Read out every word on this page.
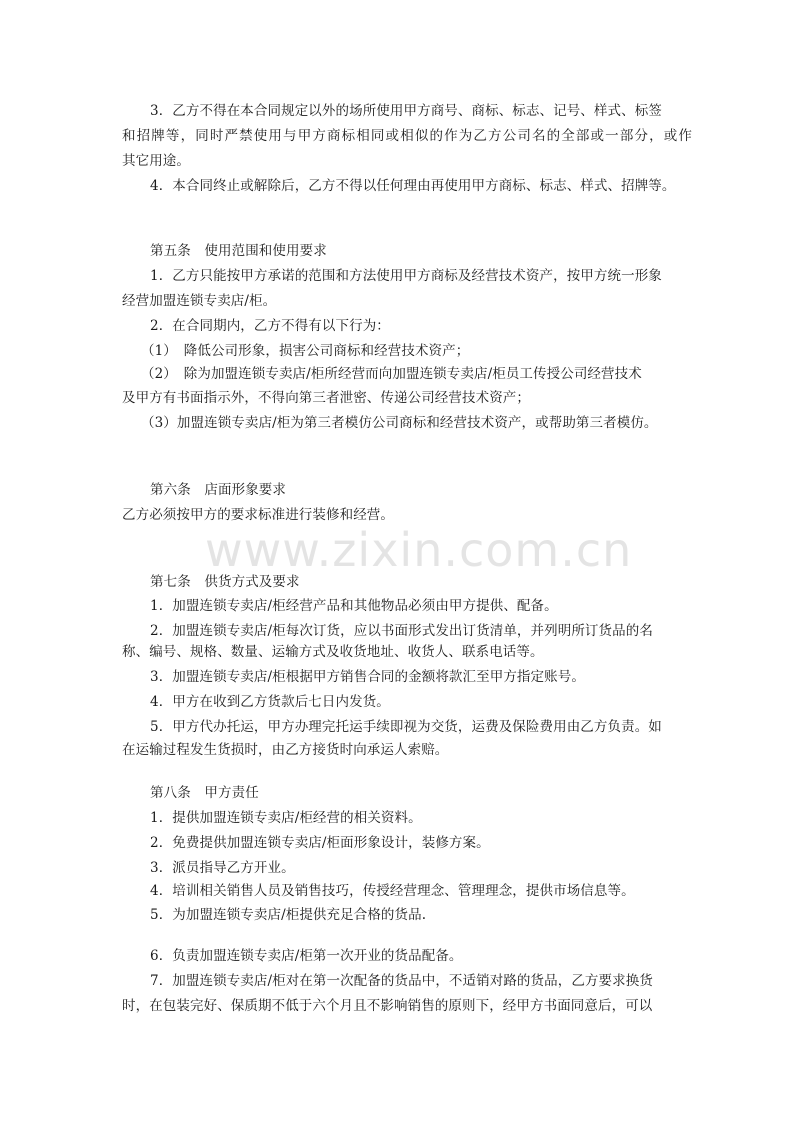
www.zixin.com.cn
3．乙方不得在本合同规定以外的场所使用甲方商号、商标、标志、记号、样式、标签
和招牌等，同时严禁使用与甲方商标相同或相似的作为乙方公司名的全部或一部分，或作
其它用途。
4．本合同终止或解除后，乙方不得以任何理由再使用甲方商标、标志、样式、招牌等。
第五条　使用范围和使用要求
1．乙方只能按甲方承诺的范围和方法使用甲方商标及经营技术资产，按甲方统一形象
经营加盟连锁专卖店/柜。
2．在合同期内，乙方不得有以下行为：
（1）　降低公司形象，损害公司商标和经营技术资产；
（2）　除为加盟连锁专卖店/柜所经营而向加盟连锁专卖店/柜员工传授公司经营技术
及甲方有书面指示外，不得向第三者泄密、传递公司经营技术资产；
（3）加盟连锁专卖店/柜为第三者模仿公司商标和经营技术资产，或帮助第三者模仿。
第六条　店面形象要求
乙方必须按甲方的要求标准进行装修和经营。
第七条　供货方式及要求
1．加盟连锁专卖店/柜经营产品和其他物品必须由甲方提供、配备。
2．加盟连锁专卖店/柜每次订货，应以书面形式发出订货清单，并列明所订货品的名
称、编号、规格、数量、运输方式及收货地址、收货人、联系电话等。
3．加盟连锁专卖店/柜根据甲方销售合同的金额将款汇至甲方指定账号。
4．甲方在收到乙方货款后七日内发货。
5．甲方代办托运，甲方办理完托运手续即视为交货，运费及保险费用由乙方负责。如
在运输过程发生货损时，由乙方接货时向承运人索赔。
第八条　甲方责任
1．提供加盟连锁专卖店/柜经营的相关资料。
2．免费提供加盟连锁专卖店/柜面形象设计，装修方案。
3．派员指导乙方开业。
4．培训相关销售人员及销售技巧，传授经营理念、管理理念，提供市场信息等。
5．为加盟连锁专卖店/柜提供充足合格的货品.
6．负责加盟连锁专卖店/柜第一次开业的货品配备。
7．加盟连锁专卖店/柜对在第一次配备的货品中，不适销对路的货品，乙方要求换货
时，在包装完好、保质期不低于六个月且不影响销售的原则下，经甲方书面同意后，可以
